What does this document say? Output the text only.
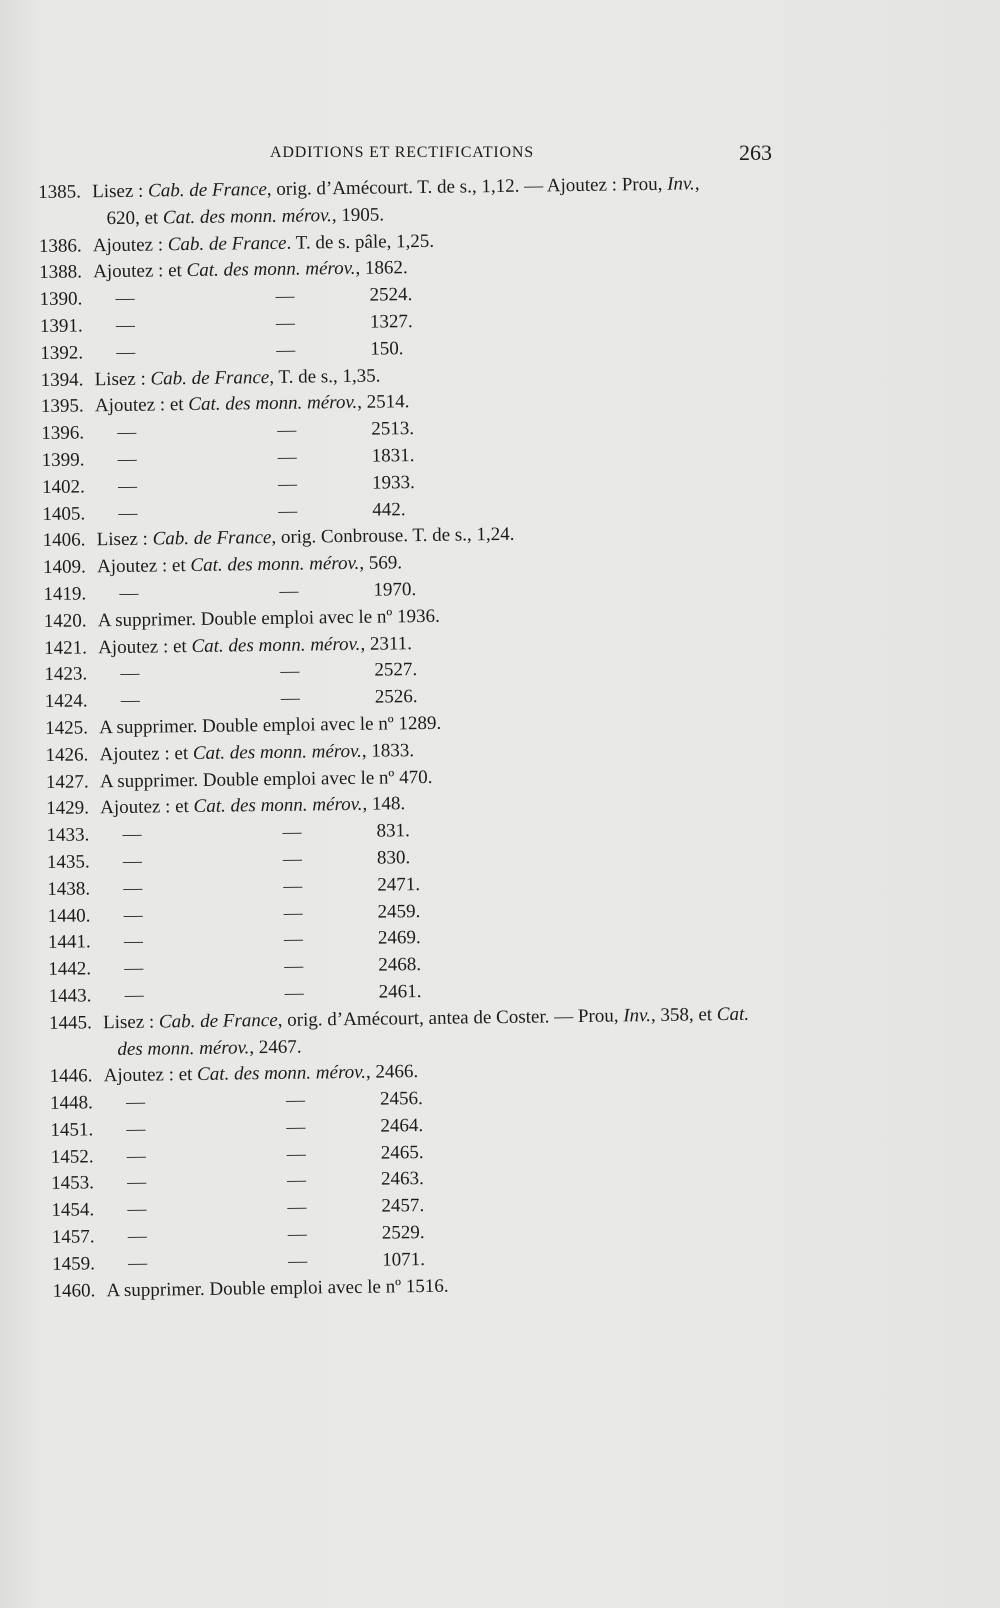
ADDITIONS ET RECTIFICATIONS	263
1385. Lisez : Cab. de France, orig. d’Amécourt. T. de s., 1,12. — Ajoutez : Prou, Inv.,
620, et Cat. des monn. mérov., 1905.
1386. Ajoutez : Cab. de France. T. de s. pâle, 1,25.
1388. Ajoutez : et Cat. des monn. mérov., 1862.
1390. —	—	2524.
1391. —	—	1327.
1392. —	—	150.
1394. Lisez : Cab. de France, T. de s., 1,35.
1395. Ajoutez : et Cat. des monn. mérov., 2514.
1396. —	—	2513.
1399. —	—	1831.
1402. —	—	1933.
1405. —	—	442.
1406. Lisez : Cab. de France, orig. Conbrouse. T. de s., 1,24.
1409. Ajoutez : et Cat. des monn. mérov., 569.
1419. —	—	1970.
1420. A supprimer. Double emploi avec le nº 1936.
1421. Ajoutez : et Cat. des monn. mérov., 2311.
1423. —	—	2527.
1424. —	—	2526.
1425. A supprimer. Double emploi avec le nº 1289.
1426. Ajoutez : et Cat. des monn. mérov., 1833.
1427. A supprimer. Double emploi avec le nº 470.
1429. Ajoutez : et Cat. des monn. mérov., 148.
1433. —	—	831.
1435. —	—	830.
1438. —	—	2471.
1440. —	—	2459.
1441. —	—	2469.
1442. —	—	2468.
1443. —	—	2461.
1445. Lisez : Cab. de France, orig. d’Amécourt, antea de Coster. — Prou, Inv., 358, et Cat.
des monn. mérov., 2467.
1446. Ajoutez : et Cat. des monn. mérov., 2466.
1448. —	—	2456.
1451. —	—	2464.
1452. —	—	2465.
1453. —	—	2463.
1454. —	—	2457.
1457. —	—	2529.
1459. —	—	1071.
1460. A supprimer. Double emploi avec le nº 1516.
